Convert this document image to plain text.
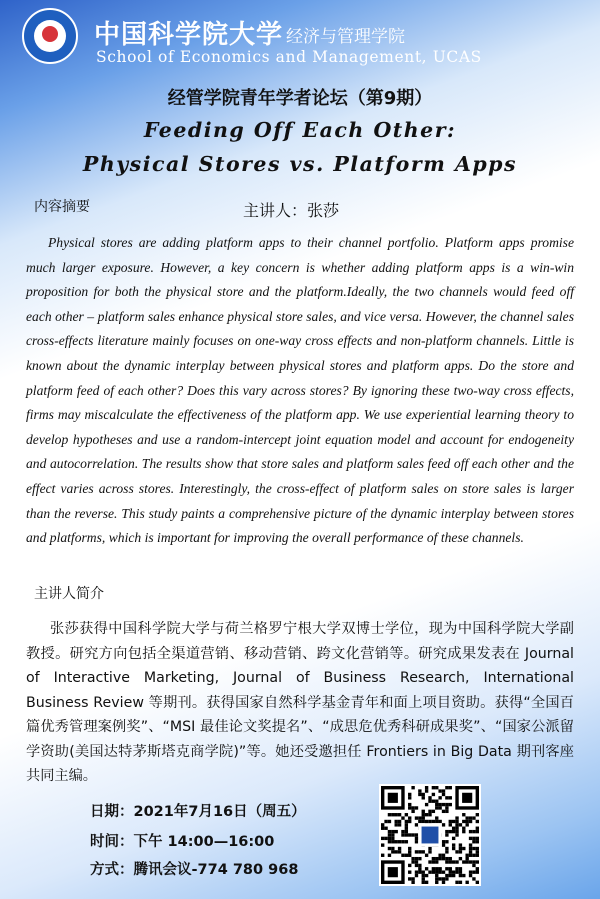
中国科学院大学 经济与管理学院
School of Economics and Management, UCAS
经管学院青年学者论坛（第9期）
Feeding Off Each Other:
Physical Stores vs. Platform Apps
内容摘要	主讲人：张莎

Physical stores are adding platform apps to their channel portfolio. Platform apps promise much larger exposure. However, a key concern is whether adding platform apps is a win-win proposition for both the physical store and the platform.Ideally, the two channels would feed off each other – platform sales enhance physical store sales, and vice versa. However, the channel sales cross-effects literature mainly focuses on one-way cross effects and non-platform channels. Little is known about the dynamic interplay between physical stores and platform apps. Do the store and platform feed of each other? Does this vary across stores? By ignoring these two-way cross effects, firms may miscalculate the effectiveness of the platform app. We use experiential learning theory to develop hypotheses and use a random-intercept joint equation model and account for endogeneity and autocorrelation. The results show that store sales and platform sales feed off each other and the effect varies across stores. Interestingly, the cross-effect of platform sales on store sales is larger than the reverse. This study paints a comprehensive picture of the dynamic interplay between stores and platforms, which is important for improving the overall performance of these channels.

主讲人简介

张莎获得中国科学院大学与荷兰格罗宁根大学双博士学位，现为中国科学院大学副教授。研究方向包括全渠道营销、移动营销、跨文化营销等。研究成果发表在 Journal of Interactive Marketing, Journal of Business Research, International Business Review 等期刊。获得国家自然科学基金青年和面上项目资助。获得“全国百篇优秀管理案例奖”、“MSI 最佳论文奖提名”、“成思危优秀科研成果奖”、“国家公派留学资助(美国达特茅斯塔克商学院)”等。她还受邀担任 Frontiers in Big Data 期刊客座共同主编。

日期：2021年7月16日（周五）
时间：下午 14:00—16:00
方式：腾讯会议-774 780 968
